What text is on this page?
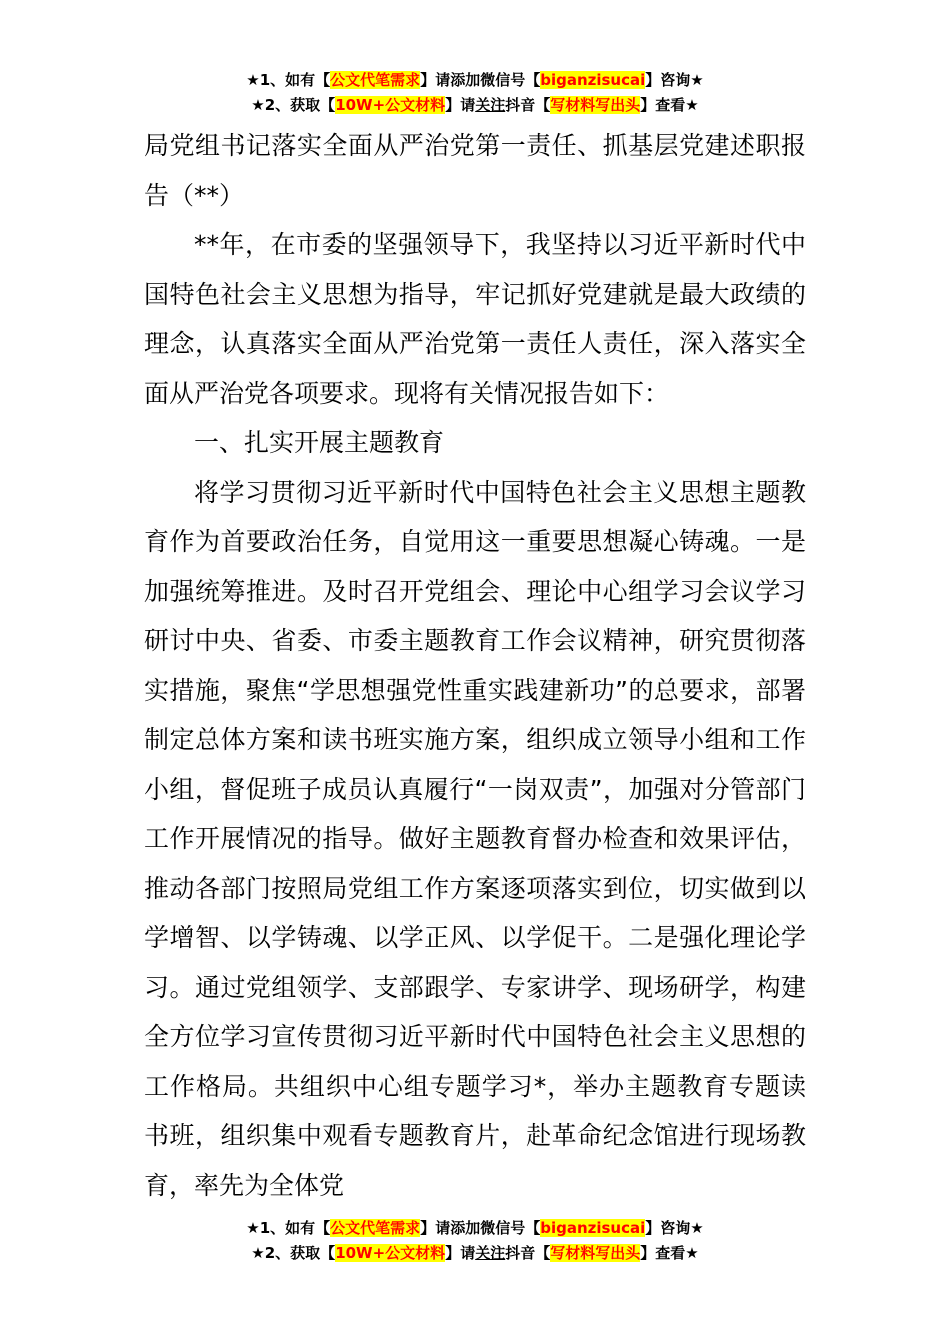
★1、如有【公文代笔需求】请添加微信号【biganzisucai】咨询★
★2、获取【10W+公文材料】请关注抖音【写材料写出头】查看★

局党组书记落实全面从严治党第一责任、抓基层党建述职报告（**）

**年，在市委的坚强领导下，我坚持以习近平新时代中国特色社会主义思想为指导，牢记抓好党建就是最大政绩的理念，认真落实全面从严治党第一责任人责任，深入落实全面从严治党各项要求。现将有关情况报告如下：

一、扎实开展主题教育

将学习贯彻习近平新时代中国特色社会主义思想主题教育作为首要政治任务，自觉用这一重要思想凝心铸魂。一是加强统筹推进。及时召开党组会、理论中心组学习会议学习研讨中央、省委、市委主题教育工作会议精神，研究贯彻落实措施，聚焦“学思想强党性重实践建新功”的总要求，部署制定总体方案和读书班实施方案，组织成立领导小组和工作小组，督促班子成员认真履行“一岗双责”，加强对分管部门工作开展情况的指导。做好主题教育督办检查和效果评估，推动各部门按照局党组工作方案逐项落实到位，切实做到以学增智、以学铸魂、以学正风、以学促干。二是强化理论学习。通过党组领学、支部跟学、专家讲学、现场研学，构建全方位学习宣传贯彻习近平新时代中国特色社会主义思想的工作格局。共组织中心组专题学习*，举办主题教育专题读书班，组织集中观看专题教育片，赴革命纪念馆进行现场教育，率先为全体党

★1、如有【公文代笔需求】请添加微信号【biganzisucai】咨询★
★2、获取【10W+公文材料】请关注抖音【写材料写出头】查看★
